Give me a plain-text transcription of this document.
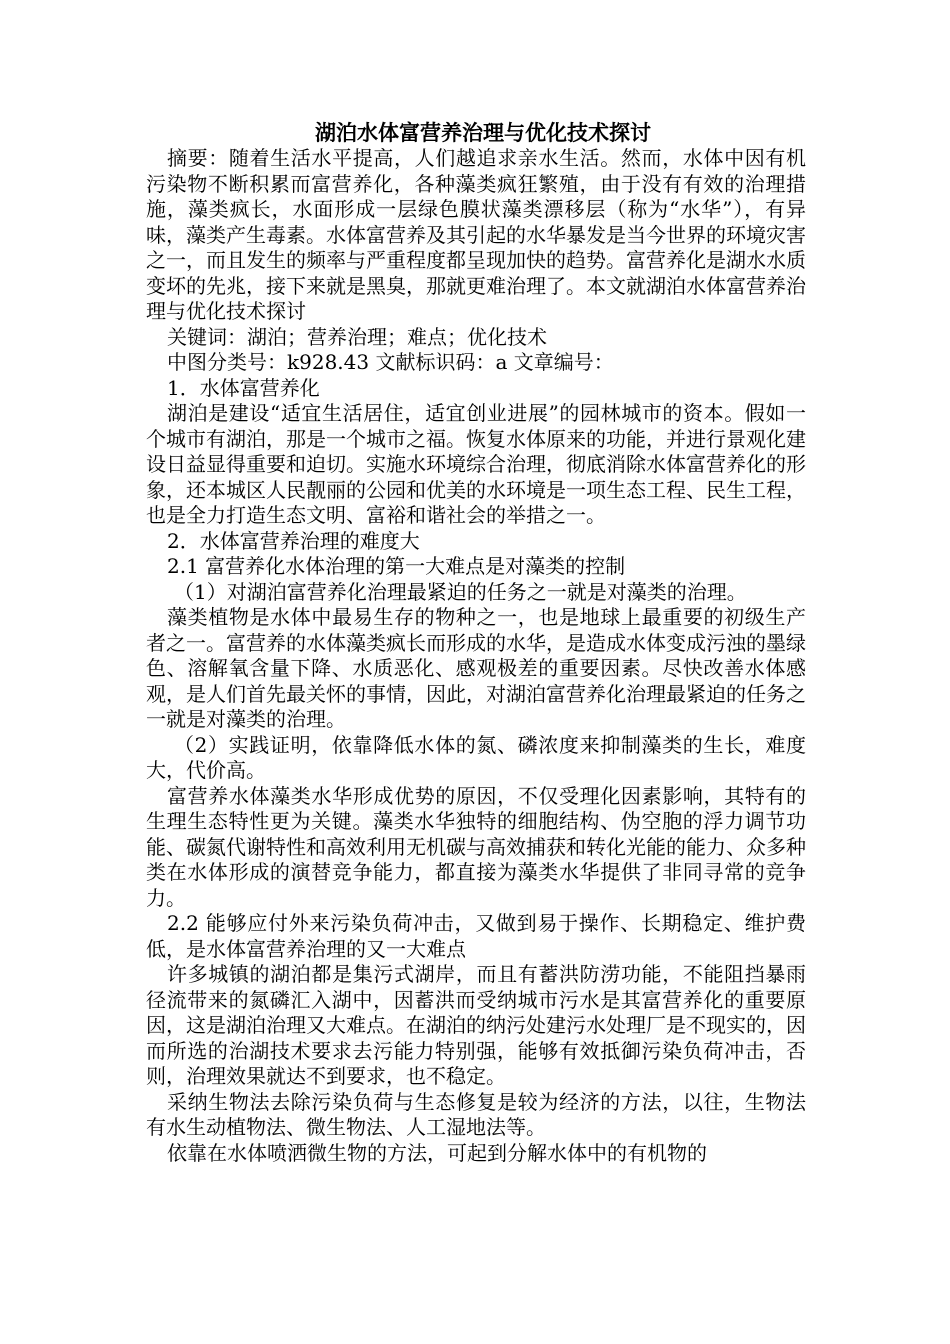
湖泊水体富营养治理与优化技术探讨

摘要：随着生活水平提高，人们越追求亲水生活。然而，水体中因有机污染物不断积累而富营养化，各种藻类疯狂繁殖，由于没有有效的治理措施，藻类疯长，水面形成一层绿色膜状藻类漂移层（称为“水华”），有异味，藻类产生毒素。水体富营养及其引起的水华暴发是当今世界的环境灾害之一，而且发生的频率与严重程度都呈现加快的趋势。富营养化是湖水水质变坏的先兆，接下来就是黑臭，那就更难治理了。本文就湖泊水体富营养治理与优化技术探讨

关键词：湖泊；营养治理；难点；优化技术

中图分类号：k928.43 文献标识码：a 文章编号：

1．水体富营养化

湖泊是建设“适宜生活居住，适宜创业进展”的园林城市的资本。假如一个城市有湖泊，那是一个城市之福。恢复水体原来的功能，并进行景观化建设日益显得重要和迫切。实施水环境综合治理，彻底消除水体富营养化的形象，还本城区人民靓丽的公园和优美的水环境是一项生态工程、民生工程，也是全力打造生态文明、富裕和谐社会的举措之一。

2．水体富营养治理的难度大

2.1 富营养化水体治理的第一大难点是对藻类的控制

（1）对湖泊富营养化治理最紧迫的任务之一就是对藻类的治理。

藻类植物是水体中最易生存的物种之一，也是地球上最重要的初级生产者之一。富营养的水体藻类疯长而形成的水华，是造成水体变成污浊的墨绿色、溶解氧含量下降、水质恶化、感观极差的重要因素。尽快改善水体感观，是人们首先最关怀的事情，因此，对湖泊富营养化治理最紧迫的任务之一就是对藻类的治理。

（2）实践证明，依靠降低水体的氮、磷浓度来抑制藻类的生长，难度大，代价高。

富营养水体藻类水华形成优势的原因，不仅受理化因素影响，其特有的生理生态特性更为关键。藻类水华独特的细胞结构、伪空胞的浮力调节功能、碳氮代谢特性和高效利用无机碳与高效捕获和转化光能的能力、众多种类在水体形成的演替竞争能力，都直接为藻类水华提供了非同寻常的竞争力。

2.2 能够应付外来污染负荷冲击，又做到易于操作、长期稳定、维护费低，是水体富营养治理的又一大难点

许多城镇的湖泊都是集污式湖岸，而且有蓄洪防涝功能，不能阻挡暴雨径流带来的氮磷汇入湖中，因蓄洪而受纳城市污水是其富营养化的重要原因，这是湖泊治理又大难点。在湖泊的纳污处建污水处理厂是不现实的，因而所选的治湖技术要求去污能力特别强，能够有效抵御污染负荷冲击，否则，治理效果就达不到要求，也不稳定。

采纳生物法去除污染负荷与生态修复是较为经济的方法，以往，生物法有水生动植物法、微生物法、人工湿地法等。

依靠在水体喷洒微生物的方法，可起到分解水体中的有机物的
